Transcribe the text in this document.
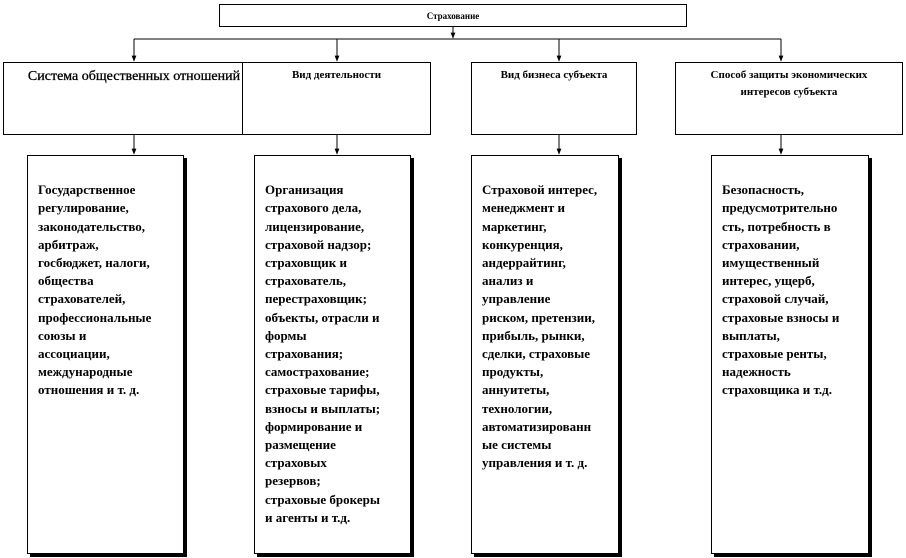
Страхование
Система общественных отношений	Вид деятельности	Вид бизнеса субъекта	Способ защиты экономических интересов субъекта

Государственное
регулирование,
законодательство,
арбитраж,
госбюджет, налоги,
общества
страхователей,
профессиональные
союзы и
ассоциации,
международные
отношения и т. д.

Организация
страхового дела,
лицензирование,
страховой надзор;
страховщик и
страхователь,
перестраховщик;
объекты, отрасли и
формы
страхования;
самострахование;
страховые тарифы,
взносы и выплаты;
формирование и
размещение
страховых
резервов;
страховые брокеры
и агенты и т.д.

Страховой интерес,
менеджмент и
маркетинг,
конкуренция,
андеррайтинг,
анализ и
управление
риском, претензии,
прибыль, рынки,
сделки, страховые
продукты,
аннуитеты,
технологии,
автоматизированн
ые системы
управления и т. д.

Безопасность,
предусмотрительно
сть, потребность в
страховании,
имущественный
интерес, ущерб,
страховой случай,
страховые взносы и
выплаты,
страховые ренты,
надежность
страховщика и т.д.
